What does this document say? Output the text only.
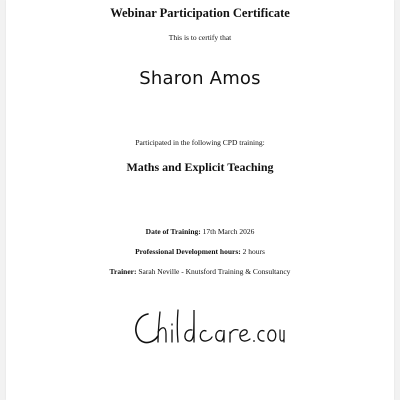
Webinar Participation Certificate
This is to certify that
Sharon Amos
Participated in the following CPD training:
Maths and Explicit Teaching
Date of Training: 17th March 2026
Professional Development hours: 2 hours
Trainer: Sarah Neville - Knutsford Training & Consultancy
